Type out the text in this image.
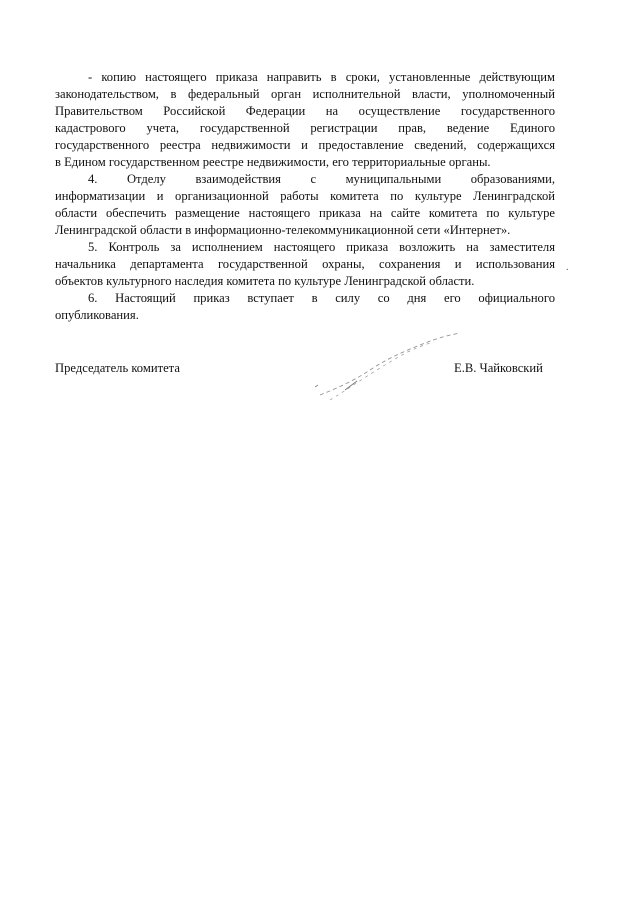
- копию настоящего приказа направить в сроки, установленные действующим
законодательством, в федеральный орган исполнительной власти, уполномоченный
Правительством Российской Федерации на осуществление государственного
кадастрового учета, государственной регистрации прав, ведение Единого
государственного реестра недвижимости и предоставление сведений, содержащихся
в Едином государственном реестре недвижимости, его территориальные органы.
4. Отделу взаимодействия с муниципальными образованиями,
информатизации и организационной работы комитета по культуре Ленинградской
области обеспечить размещение настоящего приказа на сайте комитета по культуре
Ленинградской области в информационно-телекоммуникационной сети «Интернет».
5. Контроль за исполнением настоящего приказа возложить на заместителя
начальника департамента государственной охраны, сохранения и использования
объектов культурного наследия комитета по культуре Ленинградской области.
6. Настоящий приказ вступает в силу со дня его официального
опубликования.
Председатель комитета	Е.В. Чайковский
.
